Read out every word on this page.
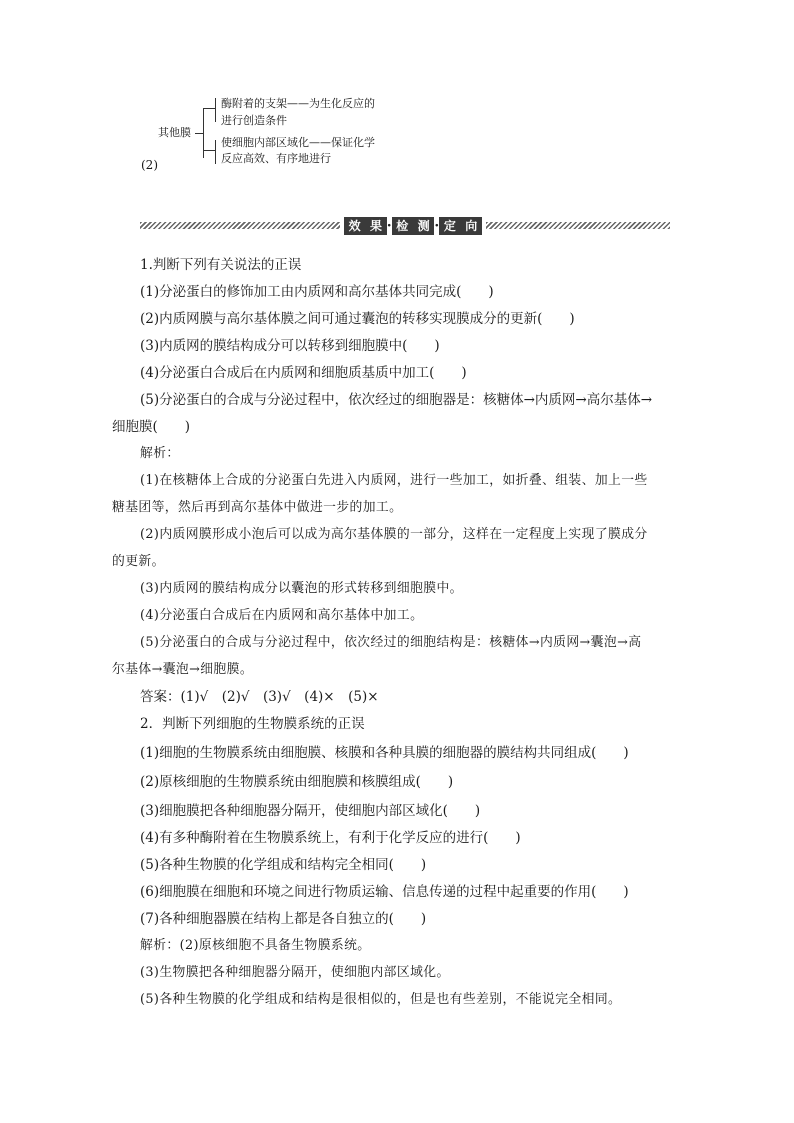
其他膜
酶附着的支架——为生化反应的
进行创造条件
使细胞内部区域化——保证化学
反应高效、有序地进行
(2)
效 果 · 检 测 · 定 向
1.判断下列有关说法的正误
(1)分泌蛋白的修饰加工由内质网和高尔基体共同完成(　　)
(2)内质网膜与高尔基体膜之间可通过囊泡的转移实现膜成分的更新(　　)
(3)内质网的膜结构成分可以转移到细胞膜中(　　)
(4)分泌蛋白合成后在内质网和细胞质基质中加工(　　)
(5)分泌蛋白的合成与分泌过程中，依次经过的细胞器是：核糖体→内质网→高尔基体→
细胞膜(　　)
解析：
(1)在核糖体上合成的分泌蛋白先进入内质网，进行一些加工，如折叠、组装、加上一些
糖基团等，然后再到高尔基体中做进一步的加工。
(2)内质网膜形成小泡后可以成为高尔基体膜的一部分，这样在一定程度上实现了膜成分
的更新。
(3)内质网的膜结构成分以囊泡的形式转移到细胞膜中。
(4)分泌蛋白合成后在内质网和高尔基体中加工。
(5)分泌蛋白的合成与分泌过程中，依次经过的细胞结构是：核糖体→内质网→囊泡→高
尔基体→囊泡→细胞膜。
答案：(1)√　(2)√　(3)√　(4)×　(5)×
2．判断下列细胞的生物膜系统的正误
(1)细胞的生物膜系统由细胞膜、核膜和各种具膜的细胞器的膜结构共同组成(　　)
(2)原核细胞的生物膜系统由细胞膜和核膜组成(　　)
(3)细胞膜把各种细胞器分隔开，使细胞内部区域化(　　)
(4)有多种酶附着在生物膜系统上，有利于化学反应的进行(　　)
(5)各种生物膜的化学组成和结构完全相同(　　)
(6)细胞膜在细胞和环境之间进行物质运输、信息传递的过程中起重要的作用(　　)
(7)各种细胞器膜在结构上都是各自独立的(　　)
解析：(2)原核细胞不具备生物膜系统。
(3)生物膜把各种细胞器分隔开，使细胞内部区域化。
(5)各种生物膜的化学组成和结构是很相似的，但是也有些差别，不能说完全相同。
